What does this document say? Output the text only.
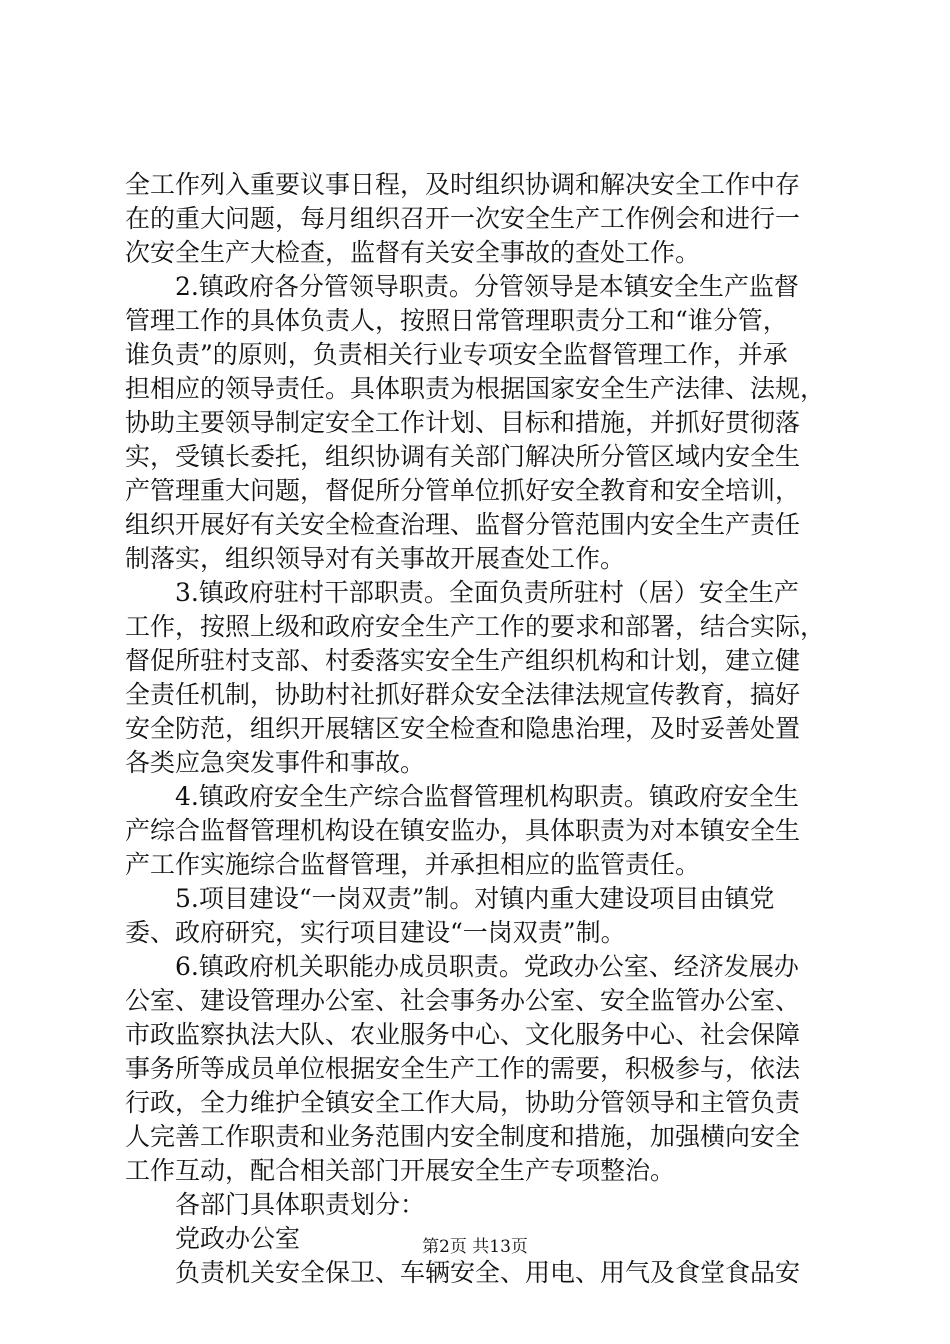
全工作列入重要议事日程，及时组织协调和解决安全工作中存
在的重大问题，每月组织召开一次安全生产工作例会和进行一
次安全生产大检查，监督有关安全事故的查处工作。
2.镇政府各分管领导职责。分管领导是本镇安全生产监督
管理工作的具体负责人，按照日常管理职责分工和“谁分管，
谁负责”的原则，负责相关行业专项安全监督管理工作，并承
担相应的领导责任。具体职责为根据国家安全生产法律、法规，
协助主要领导制定安全工作计划、目标和措施，并抓好贯彻落
实，受镇长委托，组织协调有关部门解决所分管区域内安全生
产管理重大问题，督促所分管单位抓好安全教育和安全培训，
组织开展好有关安全检查治理、监督分管范围内安全生产责任
制落实，组织领导对有关事故开展查处工作。
3.镇政府驻村干部职责。全面负责所驻村（居）安全生产
工作，按照上级和政府安全生产工作的要求和部署，结合实际，
督促所驻村支部、村委落实安全生产组织机构和计划，建立健
全责任机制，协助村社抓好群众安全法律法规宣传教育，搞好
安全防范，组织开展辖区安全检查和隐患治理，及时妥善处置
各类应急突发事件和事故。
4.镇政府安全生产综合监督管理机构职责。镇政府安全生
产综合监督管理机构设在镇安监办，具体职责为对本镇安全生
产工作实施综合监督管理，并承担相应的监管责任。
5.项目建设“一岗双责”制。对镇内重大建设项目由镇党
委、政府研究，实行项目建设“一岗双责”制。
6.镇政府机关职能办成员职责。党政办公室、经济发展办
公室、建设管理办公室、社会事务办公室、安全监管办公室、
市政监察执法大队、农业服务中心、文化服务中心、社会保障
事务所等成员单位根据安全生产工作的需要，积极参与，依法
行政，全力维护全镇安全工作大局，协助分管领导和主管负责
人完善工作职责和业务范围内安全制度和措施，加强横向安全
工作互动，配合相关部门开展安全生产专项整治。
各部门具体职责划分：
党政办公室
负责机关安全保卫、车辆安全、用电、用气及食堂食品安
第2页 共13页
